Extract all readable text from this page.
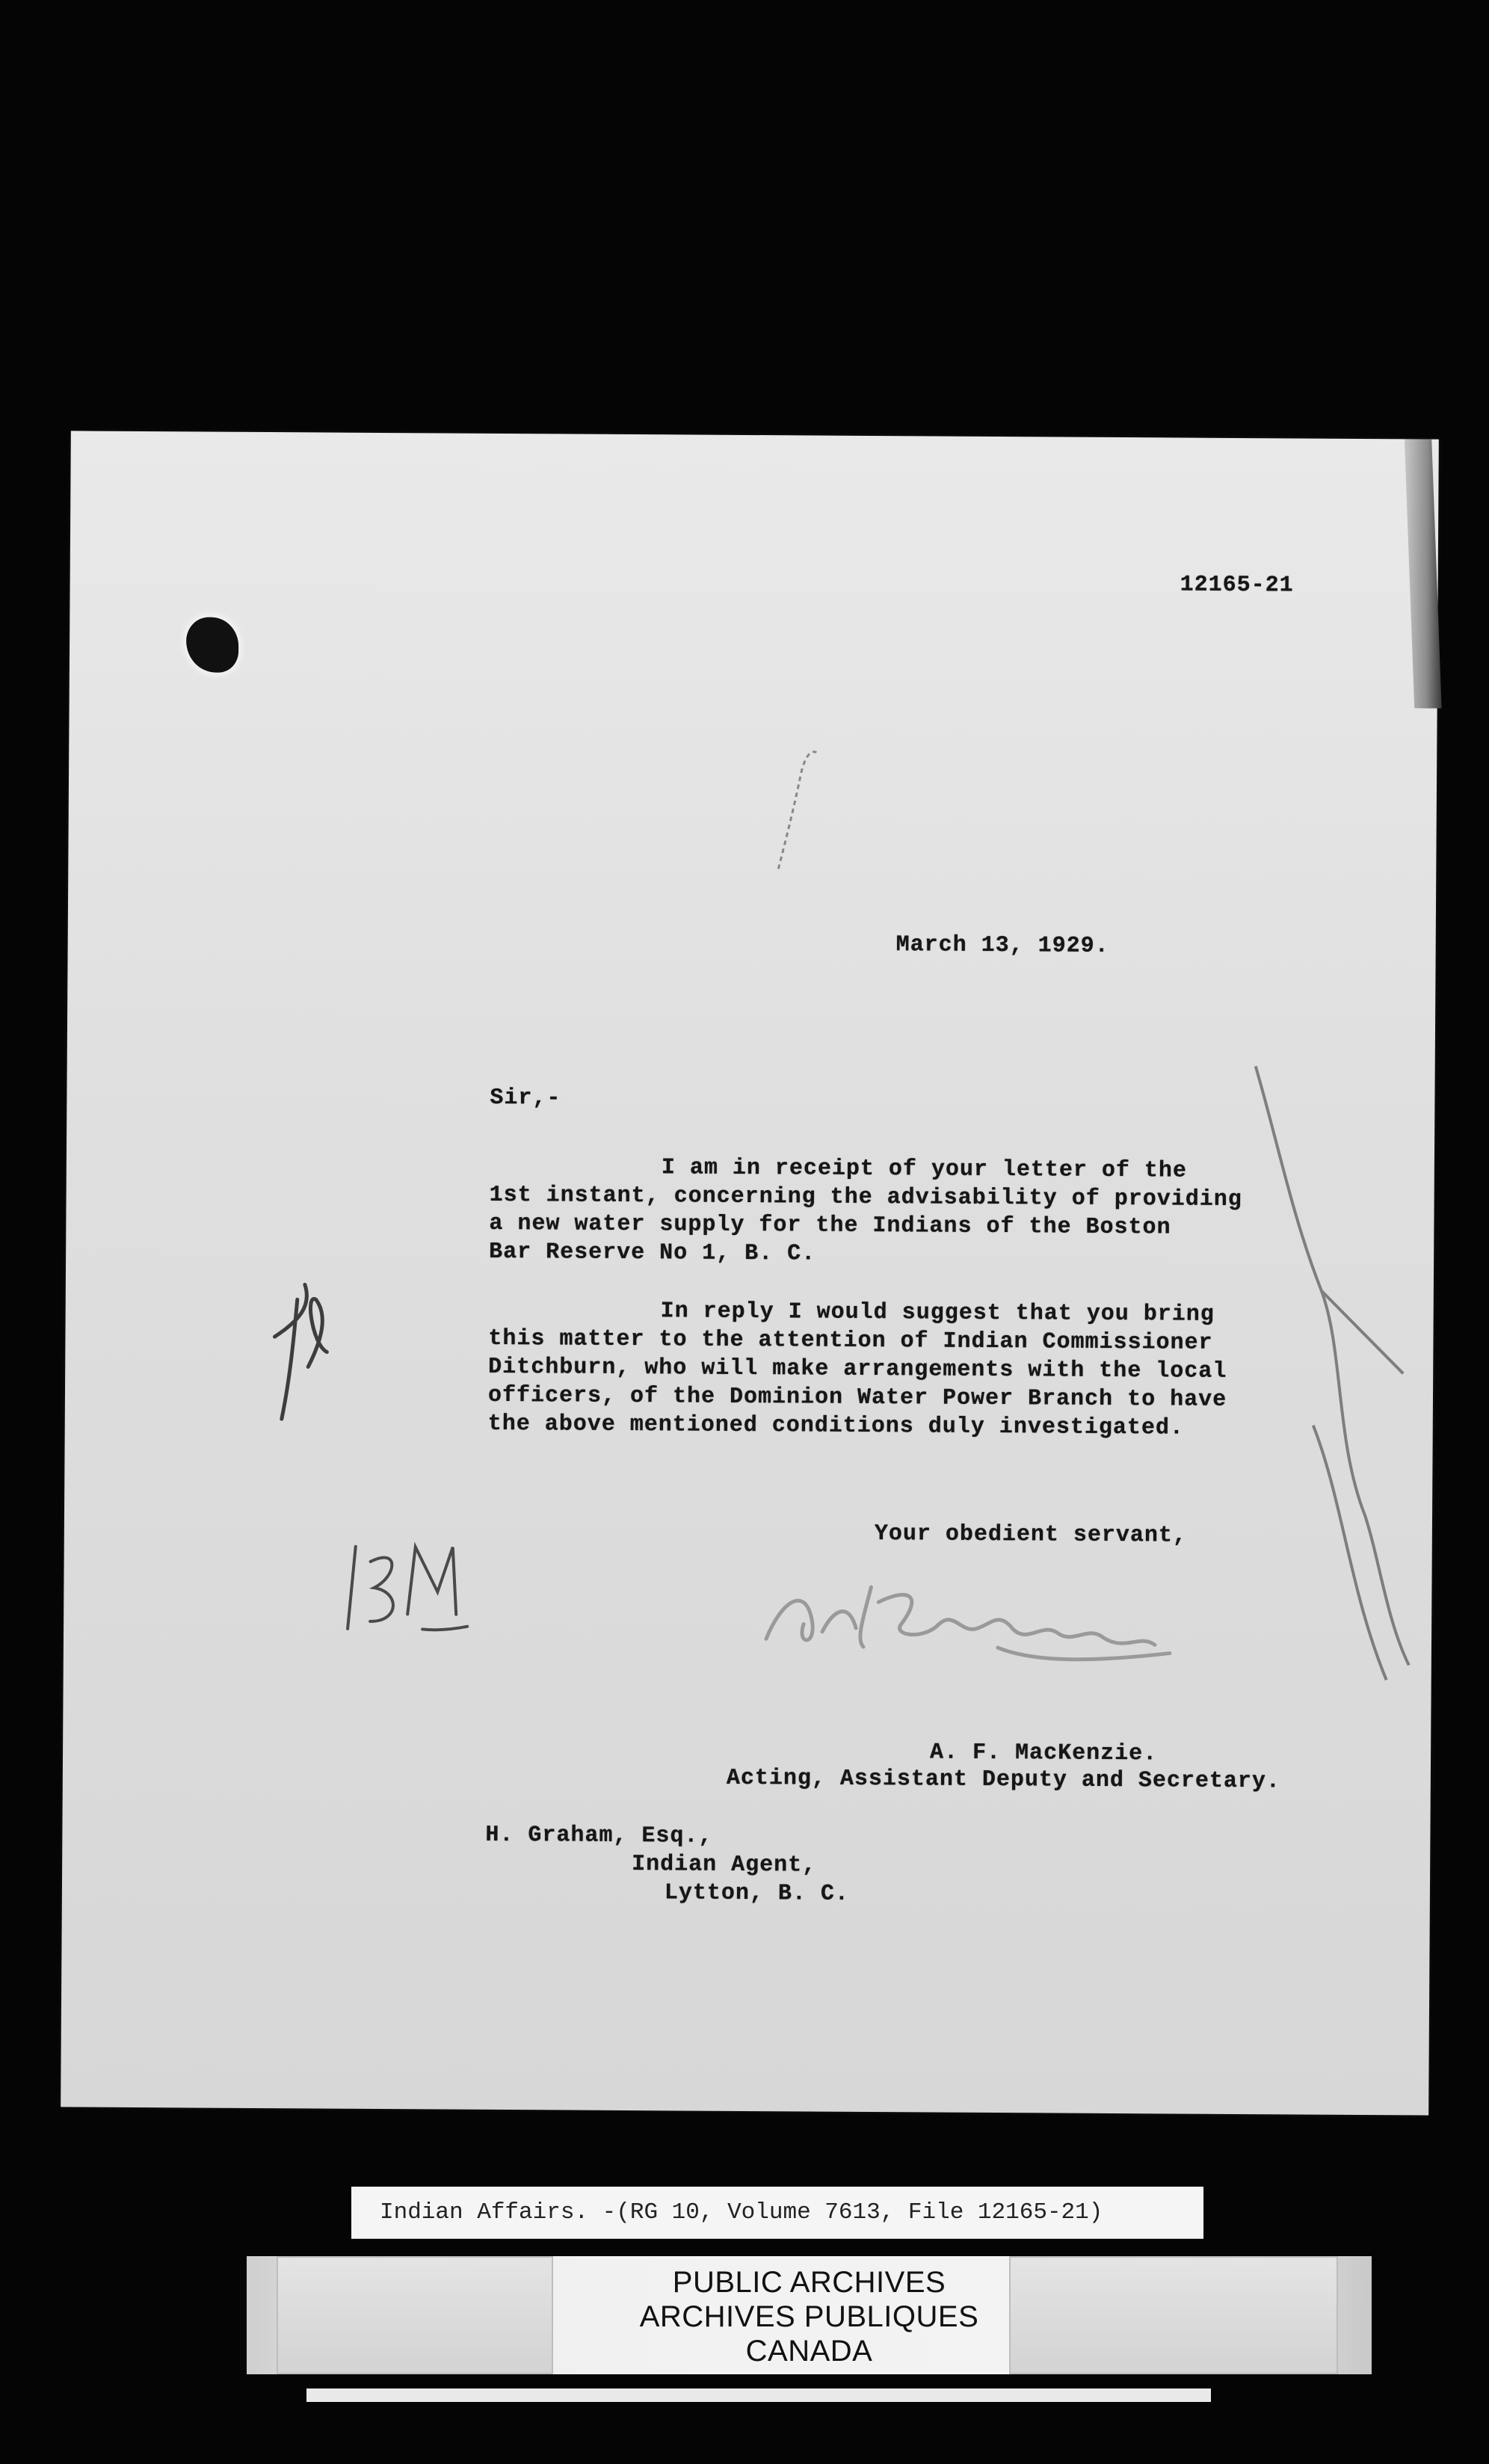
12165-21
March 13, 1929.
Sir,-

I am in receipt of your letter of the

1st instant, concerning the advisability of providing

a new water supply for the Indians of the Boston

Bar Reserve No 1, B. C.

In reply I would suggest that you bring

this matter to the attention of Indian Commissioner

Ditchburn, who will make arrangements with the local

officers, of the Dominion Water Power Branch to have

the above mentioned conditions duly investigated.

Your obedient servant,
A. F. MacKenzie.
Acting, Assistant Deputy and Secretary.

H. Graham, Esq.,

Indian Agent,

Lytton, B. C.

Indian Affairs. -(RG 10, Volume 7613, File 12165-21)
PUBLIC ARCHIVES
ARCHIVES PUBLIQUES
CANADA
